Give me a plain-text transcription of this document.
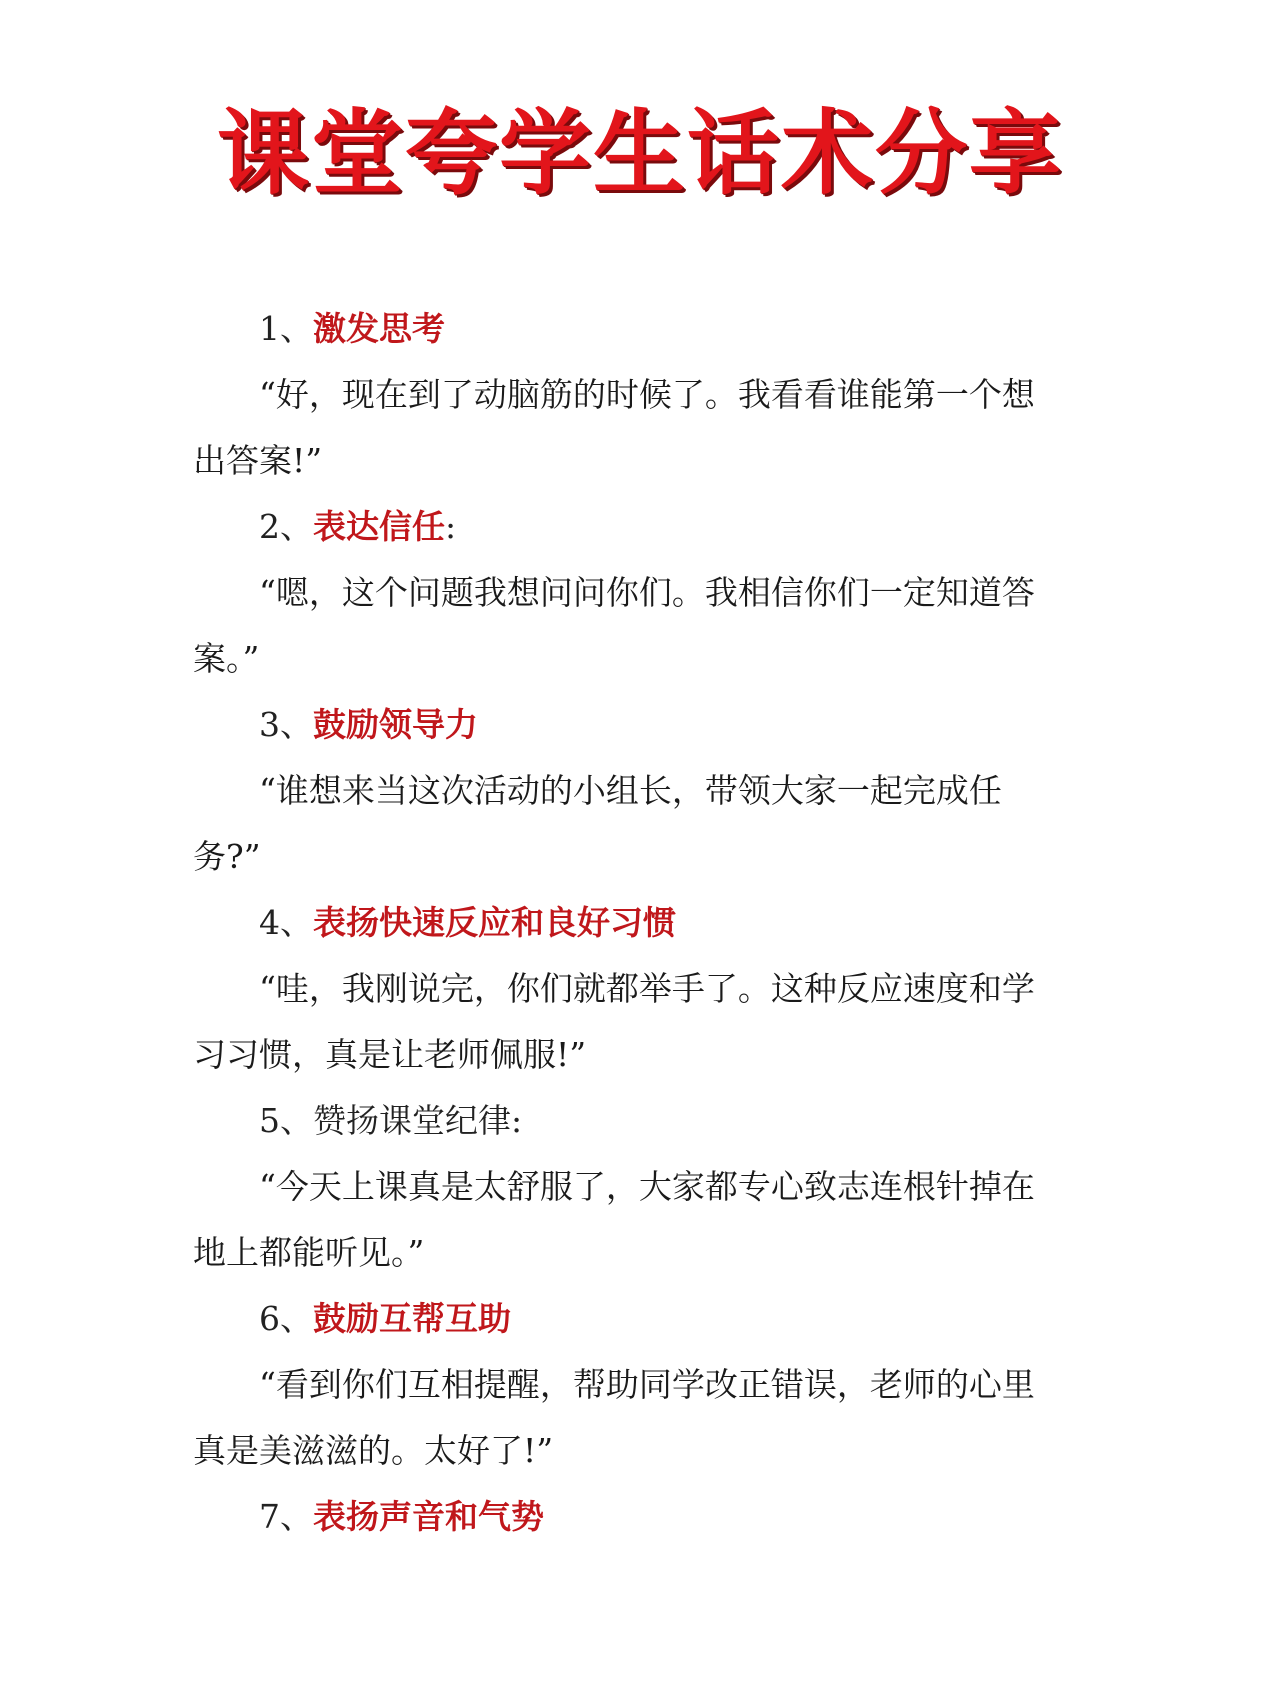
课堂夸学生话术分享
1、激发思考

“好，现在到了动脑筋的时候了。我看看谁能第一个想
出答案!”

2、表达信任:

“嗯，这个问题我想问问你们。我相信你们一定知道答
案。”

3、鼓励领导力

“谁想来当这次活动的小组长，带领大家一起完成任
务?”

4、表扬快速反应和良好习惯

“哇，我刚说完，你们就都举手了。这种反应速度和学
习习惯，真是让老师佩服!”

5、赞扬课堂纪律:

“今天上课真是太舒服了，大家都专心致志连根针掉在
地上都能听见。”

6、鼓励互帮互助

“看到你们互相提醒，帮助同学改正错误，老师的心里
真是美滋滋的。太好了!”

7、表扬声音和气势
